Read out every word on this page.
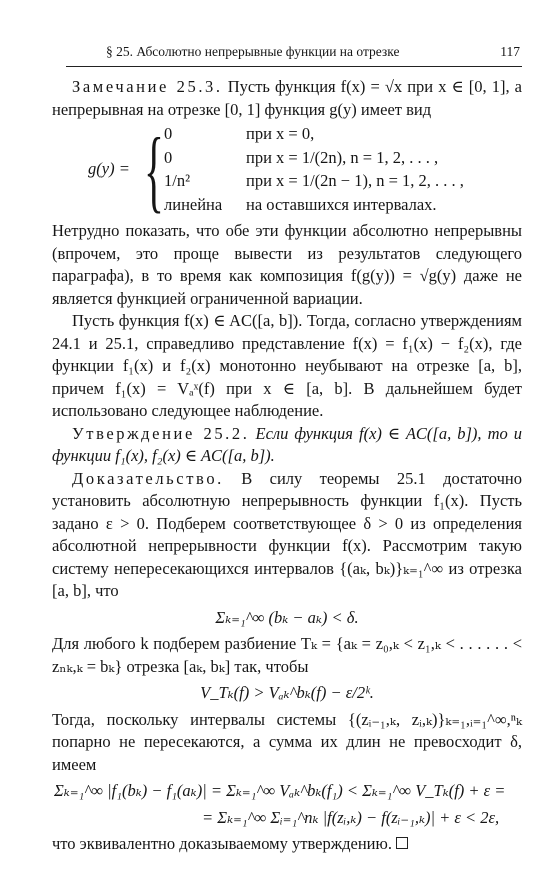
§ 25. Абсолютно непрерывные функции на отрезке	117

Замечание 25.3. Пусть функция f(x) = √x при x ∈ [0, 1], а непрерывная на отрезке [0, 1] функция g(y) имеет вид

g(y) = { 0	при x = 0,
0	при x = 1/(2n), n = 1, 2, . . . ,
1/n²	при x = 1/(2n − 1), n = 1, 2, . . . ,
линейна	на оставшихся интервалах.

Нетрудно показать, что обе эти функции абсолютно непрерывны (впрочем, это проще вывести из результатов следующего параграфа), в то время как композиция f(g(y)) = √g(y) даже не является функцией ограниченной вариации.

Пусть функция f(x) ∈ AC([a, b]). Тогда, согласно утверждениям 24.1 и 25.1, справедливо представление f(x) = f₁(x) − f₂(x), где функции f₁(x) и f₂(x) монотонно неубывают на отрезке [a, b], причем f₁(x) = Vₐˣ(f) при x ∈ [a, b]. В дальнейшем будет использовано следующее наблюдение.

Утверждение 25.2. Если функция f(x) ∈ AC([a, b]), то и функции f₁(x), f₂(x) ∈ AC([a, b]).

Доказательство. В силу теоремы 25.1 достаточно установить абсолютную непрерывность функции f₁(x). Пусть задано ε > 0. Подберем соответствующее δ > 0 из определения абсолютной непрерывности функции f(x). Рассмотрим такую систему непересекающихся интервалов {(aₖ, bₖ)}ₖ₌₁^∞ из отрезка [a, b], что

Σₖ₌₁^∞ (bₖ − aₖ) < δ.

Для любого k подберем разбиение Tₖ = {aₖ = z₀,ₖ < z₁,ₖ < . . . . . . < zₙₖ,ₖ = bₖ} отрезка [aₖ, bₖ] так, чтобы

V_Tₖ(f) > Vₐₖ^bₖ(f) − ε/2ᵏ.

Тогда, поскольку интервалы системы {(zᵢ₋₁,ₖ, zᵢ,ₖ)}ₖ₌₁,ᵢ₌₁^∞,ⁿₖ попарно не пересекаются, а сумма их длин не превосходит δ, имеем

Σₖ₌₁^∞ |f₁(bₖ) − f₁(aₖ)| = Σₖ₌₁^∞ Vₐₖ^bₖ(f₁) < Σₖ₌₁^∞ V_Tₖ(f) + ε =
= Σₖ₌₁^∞ Σᵢ₌₁^nₖ |f(zᵢ,ₖ) − f(zᵢ₋₁,ₖ)| + ε < 2ε,

что эквивалентно доказываемому утверждению.
